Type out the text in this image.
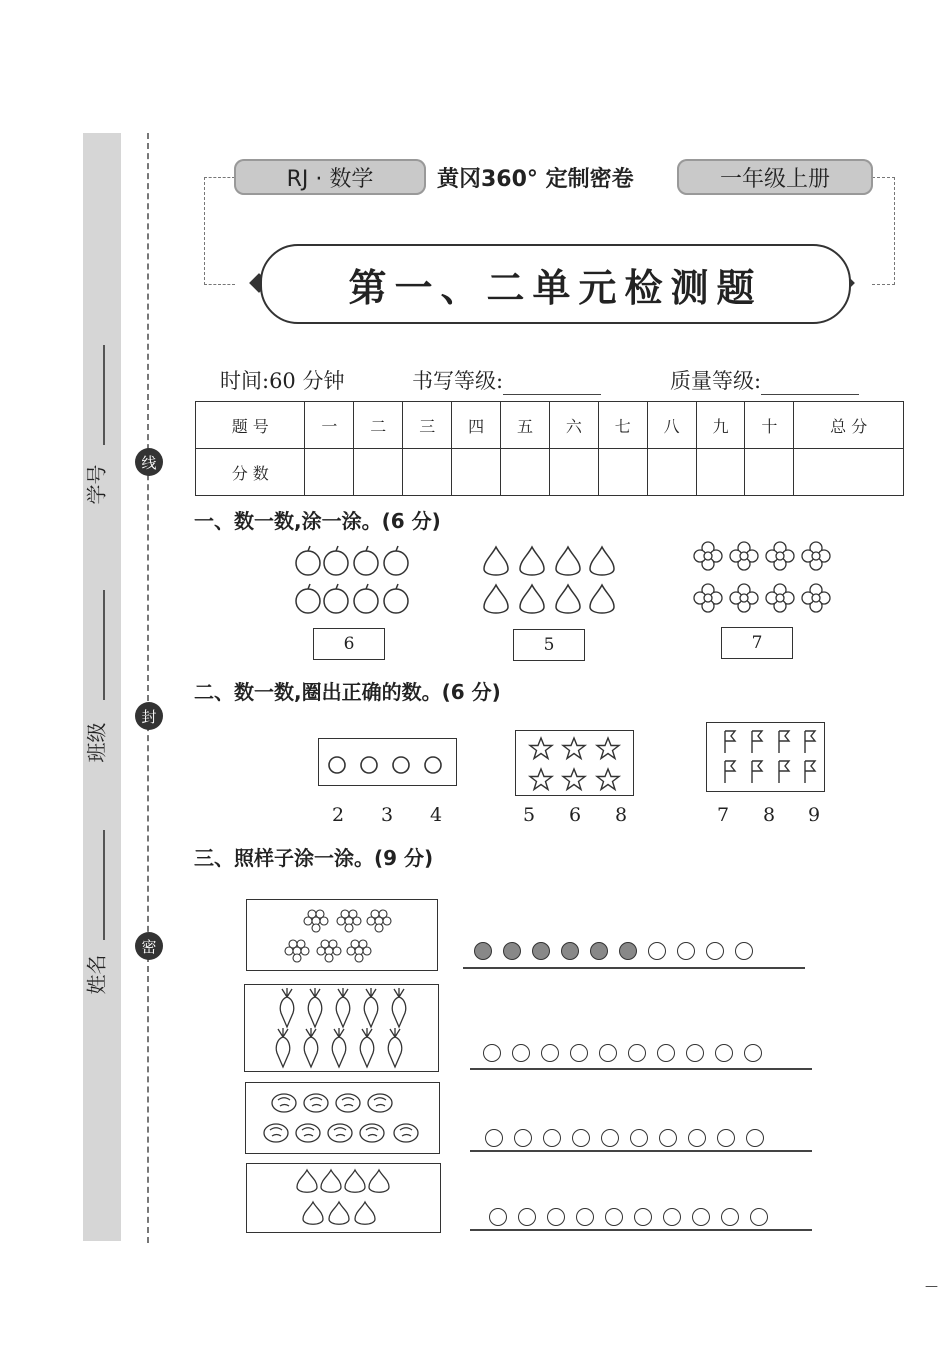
学号
班级
姓名
线
封
密
RJ · 数学	黄冈360° 定制密卷	一年级上册
第一、二单元检测题
时间:60 分钟	书写等级:	质量等级:
题 号	一	二	三	四	五	六	七	八	九	十	总 分
分 数											
一、数一数,涂一涂。(6 分)
6	5	7
二、数一数,圈出正确的数。(6 分)
2 3 4	5 6 8	7 8 9
三、照样子涂一涂。(9 分)
—
